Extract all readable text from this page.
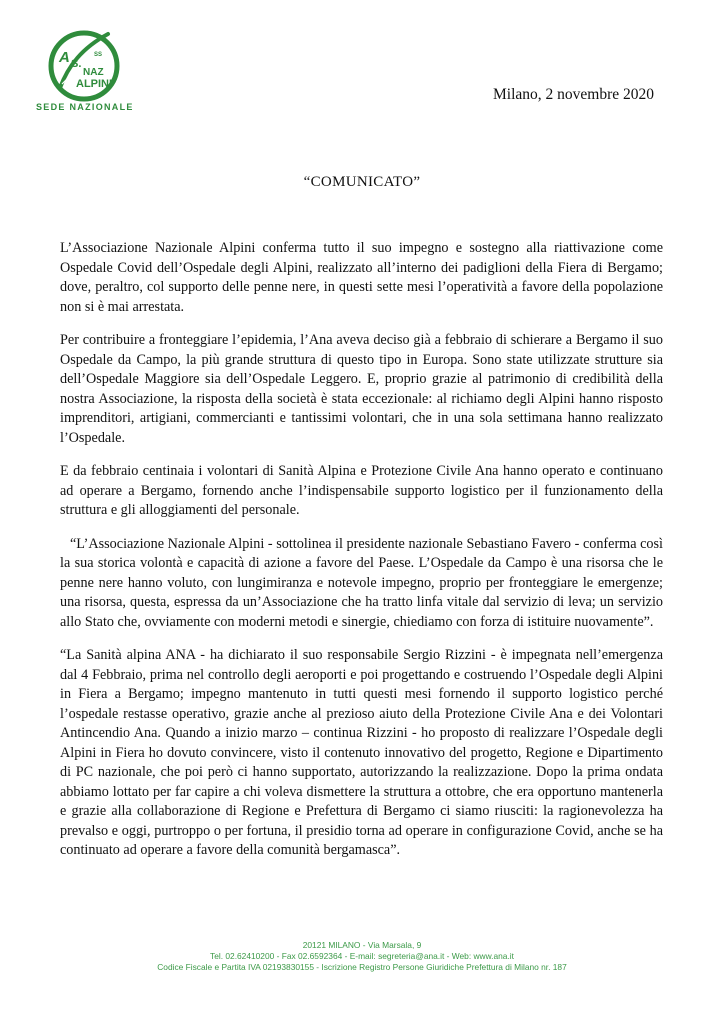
A S.
SS
NAZ
ALPINI
SEDE NAZIONALE
Milano, 2 novembre 2020
“COMUNICATO”

L’Associazione Nazionale Alpini conferma tutto il suo impegno e sostegno alla riattivazione come Ospedale Covid dell’Ospedale degli Alpini, realizzato all’interno dei padiglioni della Fiera di Bergamo; dove, peraltro, col supporto delle penne nere, in questi sette mesi l’operatività a favore della popolazione non si è mai arrestata.

Per contribuire a fronteggiare l’epidemia, l’Ana aveva deciso già a febbraio di schierare a Bergamo il suo Ospedale da Campo, la più grande struttura di questo tipo in Europa. Sono state utilizzate strutture sia dell’Ospedale Maggiore sia dell’Ospedale Leggero. E, proprio grazie al patrimonio di credibilità della nostra Associazione, la risposta della società è stata eccezionale: al richiamo degli Alpini hanno risposto imprenditori, artigiani, commercianti e tantissimi volontari, che in una sola settimana hanno realizzato l’Ospedale.

E da febbraio centinaia i volontari di Sanità Alpina e Protezione Civile Ana hanno operato e continuano ad operare a Bergamo, fornendo anche l’indispensabile supporto logistico per il funzionamento della struttura e gli alloggiamenti del personale.

“L’Associazione Nazionale Alpini - sottolinea il presidente nazionale Sebastiano Favero - conferma così la sua storica volontà e capacità di azione a favore del Paese. L’Ospedale da Campo è una risorsa che le penne nere hanno voluto, con lungimiranza e notevole impegno, proprio per fronteggiare le emergenze; una risorsa, questa, espressa da un’Associazione che ha tratto linfa vitale dal servizio di leva; un servizio allo Stato che, ovviamente con moderni metodi e sinergie, chiediamo con forza di istituire nuovamente”.

“La Sanità alpina ANA - ha dichiarato il suo responsabile Sergio Rizzini - è impegnata nell’emergenza dal 4 Febbraio, prima nel controllo degli aeroporti e poi progettando e costruendo l’Ospedale degli Alpini in Fiera a Bergamo; impegno mantenuto in tutti questi mesi fornendo il supporto logistico perché l’ospedale restasse operativo, grazie anche al prezioso aiuto della Protezione Civile Ana e dei Volontari Antincendio Ana. Quando a inizio marzo – continua Rizzini - ho proposto di realizzare l’Ospedale degli Alpini in Fiera ho dovuto convincere, visto il contenuto innovativo del progetto, Regione e Dipartimento di PC nazionale, che poi però ci hanno supportato, autorizzando la realizzazione. Dopo la prima ondata abbiamo lottato per far capire a chi voleva dismettere la struttura a ottobre, che era opportuno mantenerla e grazie alla collaborazione di Regione e Prefettura di Bergamo ci siamo riusciti: la ragionevolezza ha prevalso e oggi, purtroppo o per fortuna, il presidio torna ad operare in configurazione Covid, anche se ha continuato ad operare a favore della comunità bergamasca”.

20121 MILANO - Via Marsala, 9
Tel. 02.62410200 - Fax 02.6592364 - E-mail: segreteria@ana.it - Web: www.ana.it
Codice Fiscale e Partita IVA 02193830155 - Iscrizione Registro Persone Giuridiche Prefettura di Milano nr. 187
